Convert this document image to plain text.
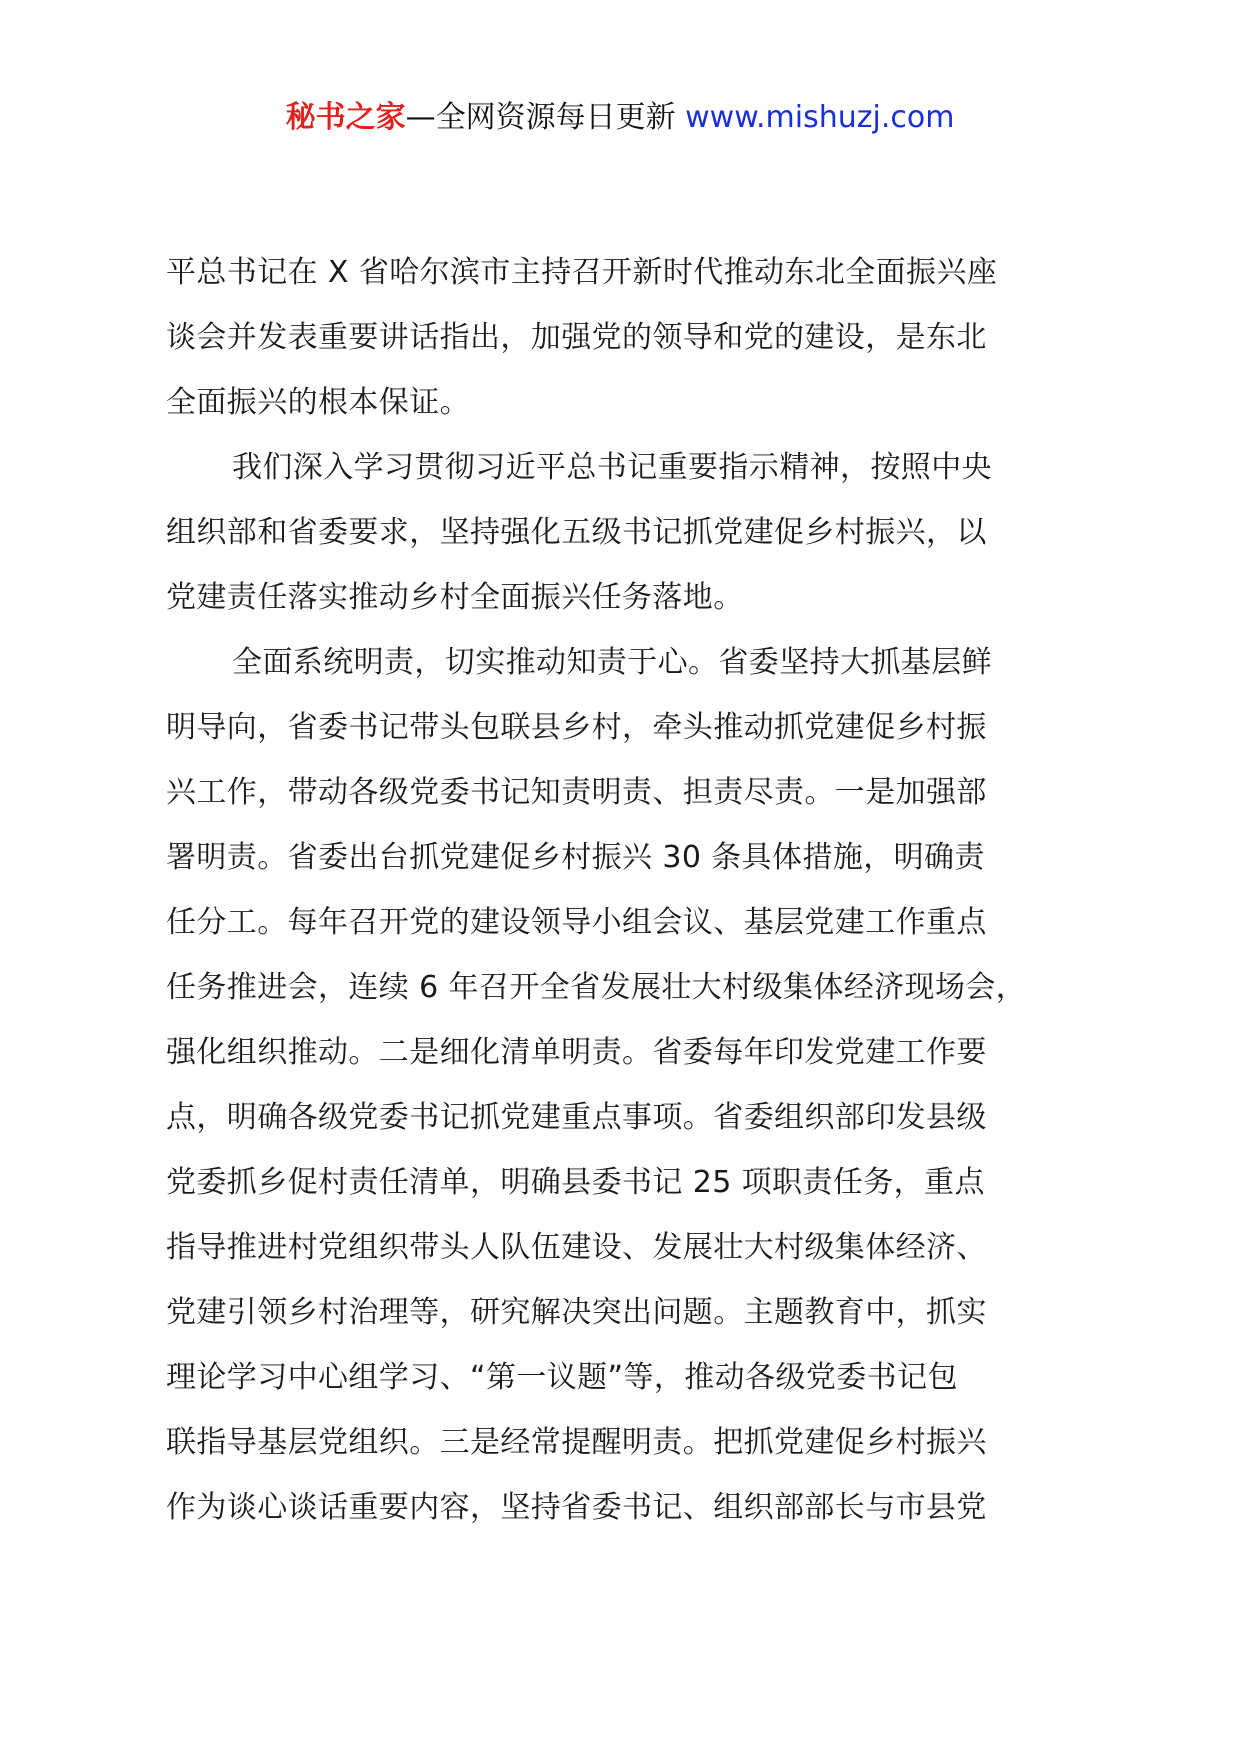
秘书之家—全网资源每日更新 www.mishuzj.com
平总书记在 X 省哈尔滨市主持召开新时代推动东北全面振兴座
谈会并发表重要讲话指出，加强党的领导和党的建设，是东北
全面振兴的根本保证。
我们深入学习贯彻习近平总书记重要指示精神，按照中央
组织部和省委要求，坚持强化五级书记抓党建促乡村振兴，以
党建责任落实推动乡村全面振兴任务落地。
全面系统明责，切实推动知责于心。省委坚持大抓基层鲜
明导向，省委书记带头包联县乡村，牵头推动抓党建促乡村振
兴工作，带动各级党委书记知责明责、担责尽责。一是加强部
署明责。省委出台抓党建促乡村振兴 30 条具体措施，明确责
任分工。每年召开党的建设领导小组会议、基层党建工作重点
任务推进会，连续 6 年召开全省发展壮大村级集体经济现场会，
强化组织推动。二是细化清单明责。省委每年印发党建工作要
点，明确各级党委书记抓党建重点事项。省委组织部印发县级
党委抓乡促村责任清单，明确县委书记 25 项职责任务，重点
指导推进村党组织带头人队伍建设、发展壮大村级集体经济、
党建引领乡村治理等，研究解决突出问题。主题教育中，抓实
理论学习中心组学习、“第一议题”等，推动各级党委书记包
联指导基层党组织。三是经常提醒明责。把抓党建促乡村振兴
作为谈心谈话重要内容，坚持省委书记、组织部部长与市县党
